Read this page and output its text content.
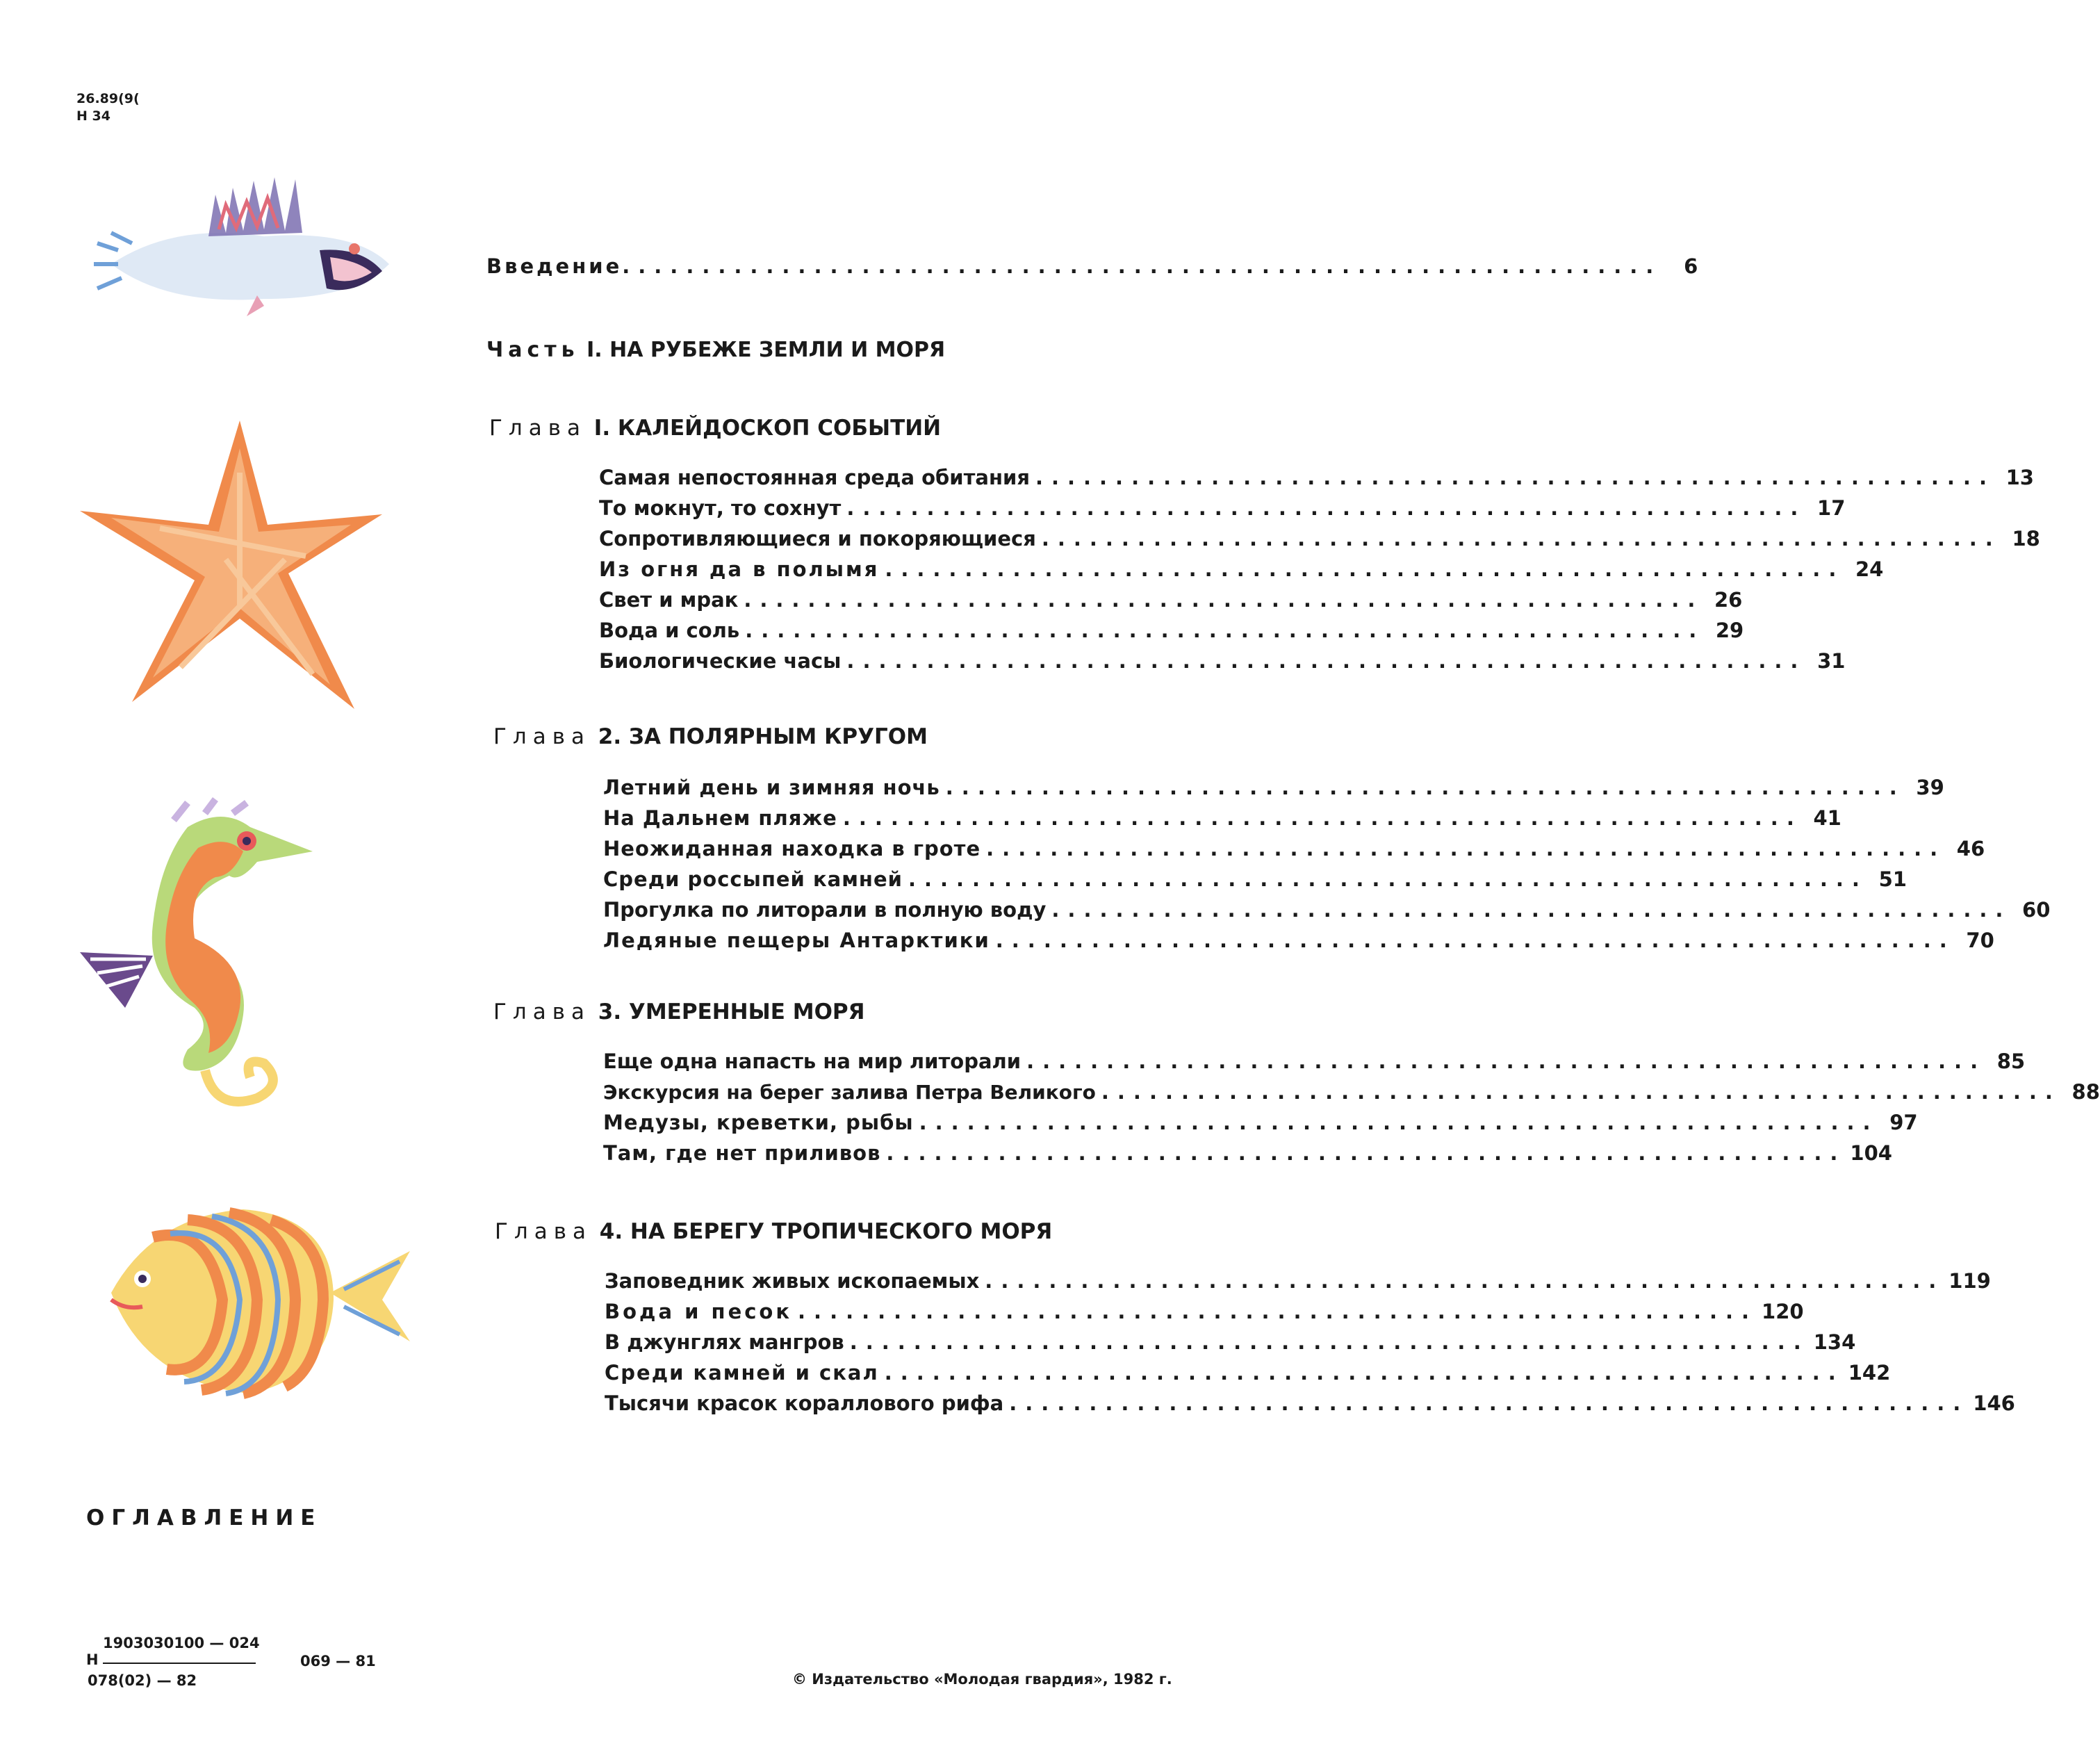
26.89(9(
Н 34
Введение. ................................................................	6
Часть I. НА РУБЕЖЕ ЗЕМЛИ И МОРЯ
Глава I. КАЛЕЙДОСКОП СОБЫТИЙ
Самая непостоянная среда обитания ............................................................ 13
То мокнут, то сохнут ............................................................ 17
Сопротивляющиеся и покоряющиеся ............................................................ 18
Из огня да в полымя ............................................................ 24
Свет и мрак ............................................................ 26
Вода и соль ............................................................ 29
Биологические часы ............................................................ 31
Глава 2. ЗА ПОЛЯРНЫМ КРУГОМ
Летний день и зимняя ночь ............................................................ 39
На Дальнем пляже ............................................................ 41
Неожиданная находка в гроте ............................................................ 46
Среди россыпей камней ............................................................ 51
Прогулка по литорали в полную воду ............................................................ 60
Ледяные пещеры Антарктики ............................................................ 70
Глава 3. УМЕРЕННЫЕ МОРЯ
Еще одна напасть на мир литорали ............................................................ 85
Экскурсия на берег залива Петра Великого ............................................................ 88
Медузы, креветки, рыбы ............................................................ 97
Там, где нет приливов ............................................................ 104
Глава 4. НА БЕРЕГУ ТРОПИЧЕСКОГО МОРЯ
Заповедник живых ископаемых ............................................................ 119
Вода и песок ............................................................ 120
В джунглях мангров ............................................................ 134
Среди камней и скал ............................................................ 142
Тысячи красок кораллового рифа ............................................................ 146
ОГЛАВЛЕНИЕ
1903030100 — 024
Н
078(02) — 82
069 — 81
© Издательство «Молодая гвардия», 1982 г.
